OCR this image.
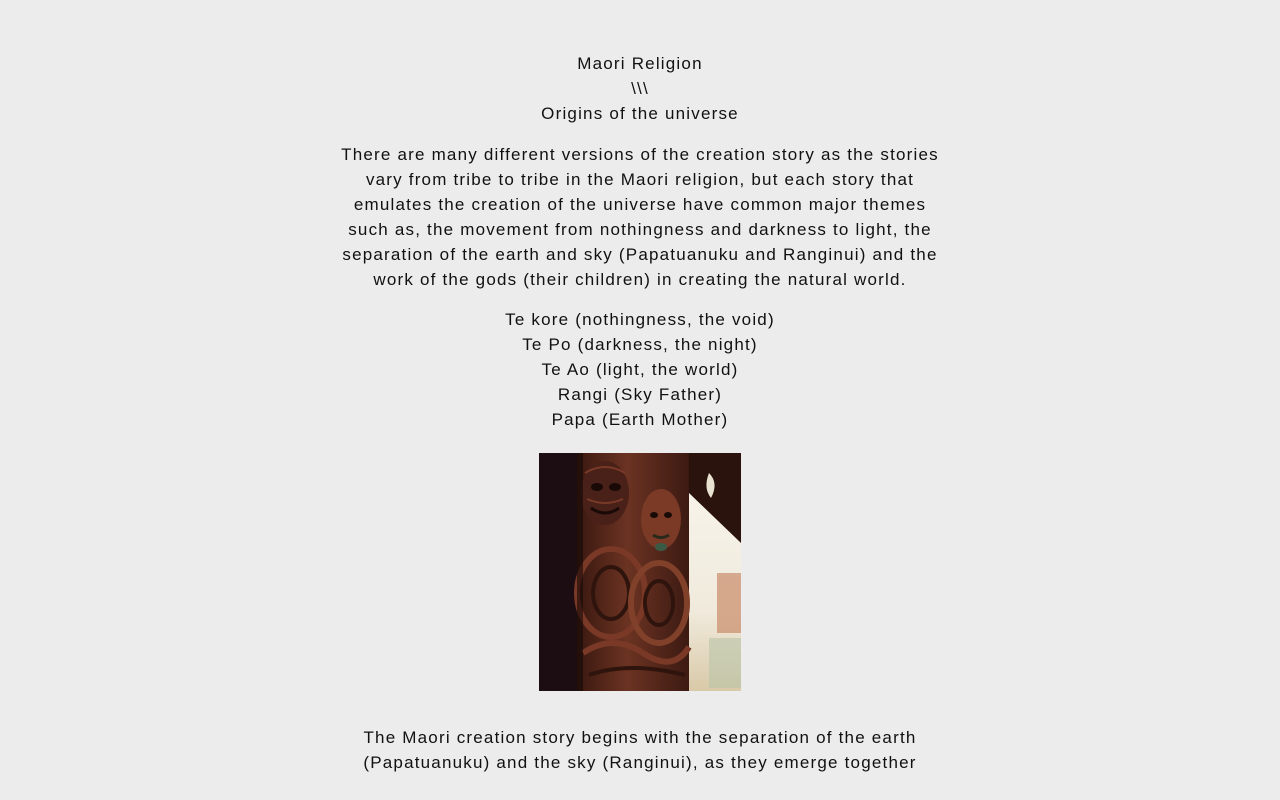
Maori Religion
\\\
Origins of the universe

There are many different versions of the creation story as the stories vary from tribe to tribe in the Maori religion, but each story that emulates the creation of the universe have common major themes such as, the movement from nothingness and darkness to light, the separation of the earth and sky (Papatuanuku and Ranginui) and the work of the gods (their children) in creating the natural world.

Te kore (nothingness, the void)
Te Po (darkness, the night)
Te Ao (light, the world)
Rangi (Sky Father)
Papa (Earth Mother)

The Maori creation story begins with the separation of the earth (Papatuanuku) and the sky (Ranginui), as they emerge together
